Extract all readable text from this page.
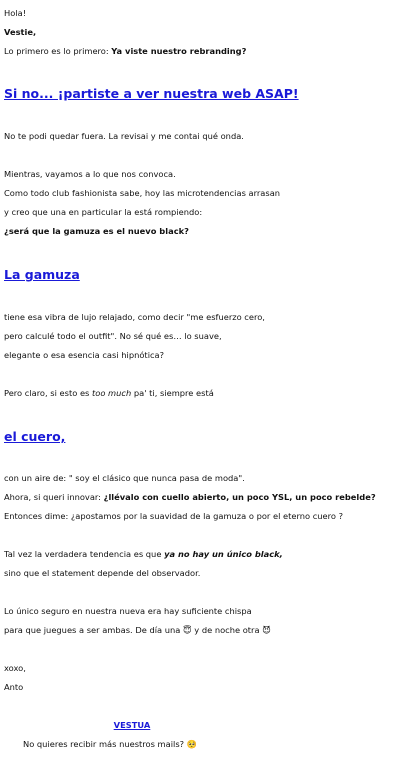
Hola!
Vestie,
Lo primero es lo primero: Ya viste nuestro rebranding?
Si no... ¡partiste a ver nuestra web ASAP!
No te podi quedar fuera. La revisai y me contai qué onda.
Mientras, vayamos a lo que nos convoca.
Como todo club fashionista sabe, hoy las microtendencias arrasan
y creo que una en particular la está rompiendo:
¿será que la gamuza es el nuevo black?
La gamuza
tiene esa vibra de lujo relajado, como decir "me esfuerzo cero,
pero calculé todo el outfit". No sé qué es… lo suave,
elegante o esa esencia casi hipnótica?
Pero claro, si esto es too much pa' ti, siempre está
el cuero,
con un aire de: " soy el clásico que nunca pasa de moda".
Ahora, si queri innovar: ¿llévalo con cuello abierto, un poco YSL, un poco rebelde?
Entonces dime: ¿apostamos por la suavidad de la gamuza o por el eterno cuero ?
Tal vez la verdadera tendencia es que ya no hay un único black,
sino que el statement depende del observador.
Lo único seguro en nuestra nueva era hay suficiente chispa
para que juegues a ser ambas. De día una 😇 y de noche otra 😈
xoxo,
Anto
VESTUA
No quieres recibir más nuestros mails? 🥺
